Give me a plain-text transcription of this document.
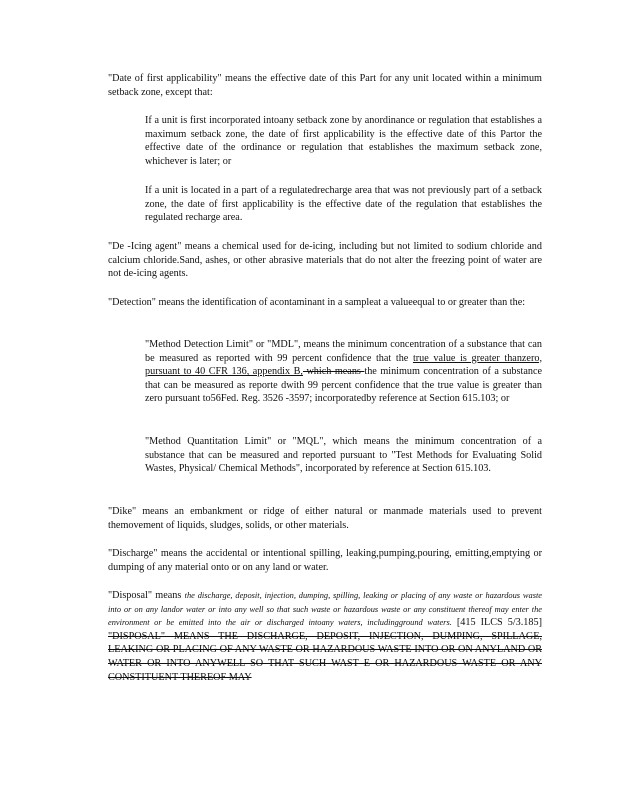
"Date of first applicability" means the effective date of this Part for any unit located within a minimum setback zone, except that:

If a unit is first incorporated intoany setback zone by anordinance or regulation that establishes a maximum setback zone, the date of first applicability is the effective date of this Partor the effective date of the ordinance or regulation that establishes the maximum setback zone, whichever is later; or

If a unit is located in a part of a regulatedrecharge area that was not previously part of a setback zone, the date of first applicability is the effective date of the regulation that establishes the regulated recharge area.

"De -Icing agent" means a chemical used for de-icing, including but not limited to sodium chloride and calcium chloride.Sand, ashes, or other abrasive materials that do not alter the freezing point of water are not de-icing agents.

"Detection" means the identification of acontaminant in a sampleat a valueequal to or greater than the:

"Method Detection Limit" or "MDL", means the minimum concentration of a substance that can be measured as reported with 99 percent confidence that the true value is greater thanzero, pursuant to 40 CFR 136, appendix B, which means the minimum concentration of a substance that can be measured as reporte dwith 99 percent confidence that the true value is greater than zero pursuant to56Fed. Reg. 3526 -3597; incorporatedby reference at Section 615.103; or

"Method Quantitation Limit" or "MQL", which means the minimum concentration of a substance that can be measured and reported pursuant to "Test Methods for Evaluating Solid Wastes, Physical/ Chemical Methods", incorporated by reference at Section 615.103.

"Dike" means an embankment or ridge of either natural or manmade materials used to prevent themovement of liquids, sludges, solids, or other materials.

"Discharge" means the accidental or intentional spilling, leaking,pumping,pouring, emitting,emptying or dumping of any material onto or on any land or water.

"Disposal" means the discharge, deposit, injection, dumping, spilling, leaking or placing of any waste or hazardous waste into or on any landor water or into any well so that such waste or hazardous waste or any constituent thereof may enter the environment or be emitted into the air or discharged intoany waters, includingground waters. [415 ILCS 5/3.185] "DISPOSAL" MEANS THE DISCHARGE, DEPOSIT, INJECTION, DUMPING, SPILLAGE, LEAKING OR PLACING OF ANY WASTE OR HAZARDOUS WASTE INTO OR ON ANYLAND OR WATER OR INTO ANYWELL SO THAT SUCH WAST E OR HAZARDOUS WASTE OR ANY CONSTITUENT THEREOF MAY
